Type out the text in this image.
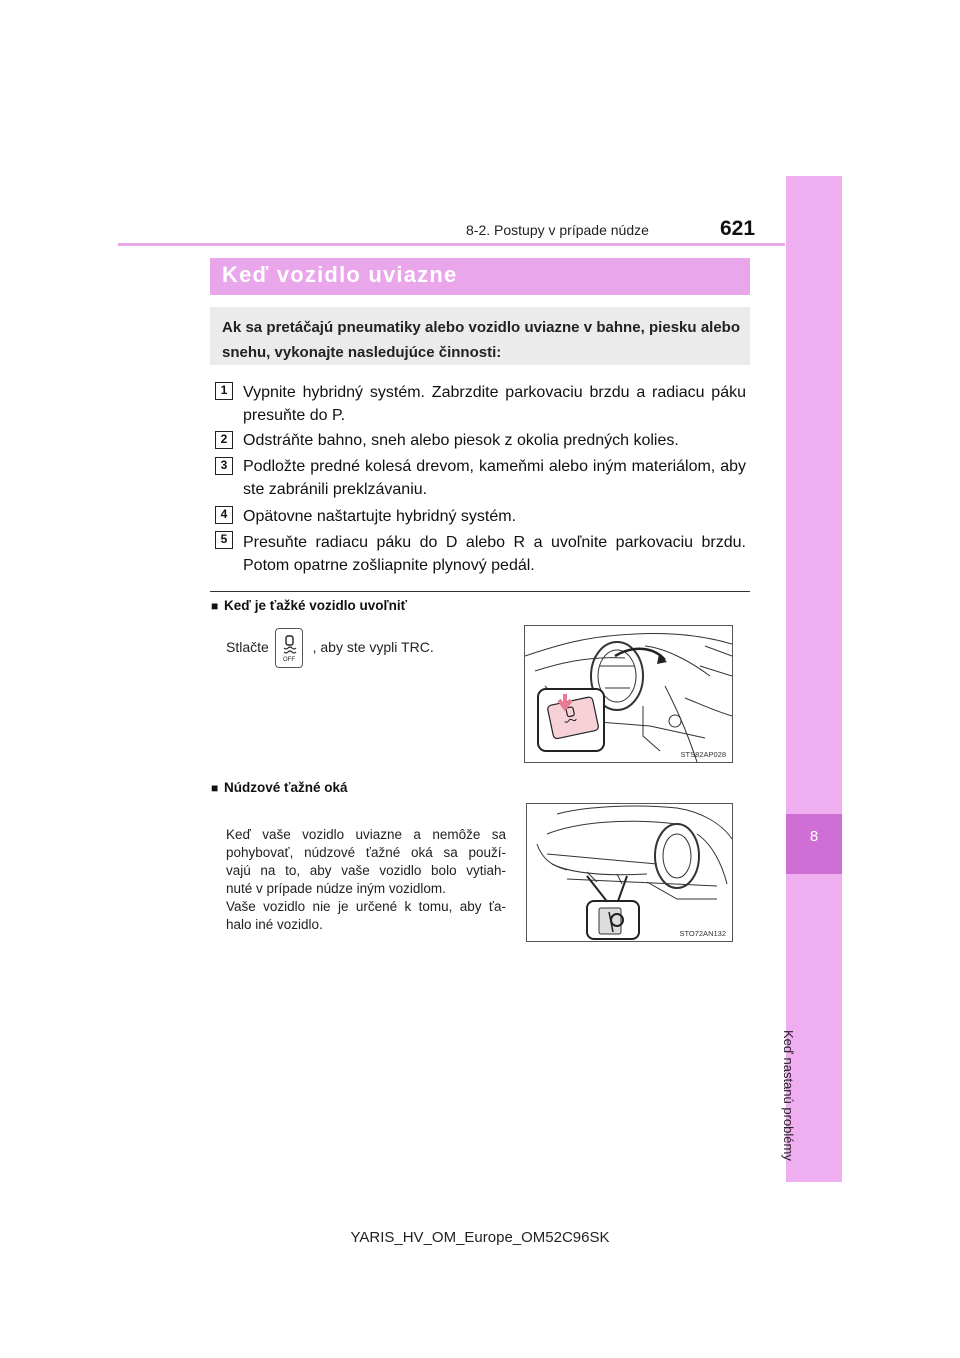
8-2. Postupy v prípade núdze	621
8
Keď nastanú problémy
Keď vozidlo uviazne
Ak sa pretáčajú pneumatiky alebo vozidlo uviazne v bahne, piesku alebo snehu, vykonajte nasledujúce činnosti:
1 Vypnite hybridný systém. Zabrzdite parkovaciu brzdu a radiacu páku presuňte do P.
2 Odstráňte bahno, sneh alebo piesok z okolia predných kolies.
3 Podložte predné kolesá drevom, kameňmi alebo iným materiálom, aby ste zabránili preklzávaniu.
4 Opätovne naštartujte hybridný systém.
5 Presuňte radiacu páku do D alebo R a uvoľnite parkovaciu brzdu. Potom opatrne zošliapnite plynový pedál.
■ Keď je ťažké vozidlo uvoľniť
Stlačte	, aby ste vypli TRC.
OFF
STS82AP028
■ Núdzové ťažné oká
Keď vaše vozidlo uviazne a nemôže sa
pohybovať, núdzové ťažné oká sa použí-
vajú na to, aby vaše vozidlo bolo vytiah-
nuté v prípade núdze iným vozidlom.
Vaše vozidlo nie je určené k tomu, aby ťa-
halo iné vozidlo.
STO72AN132
YARIS_HV_OM_Europe_OM52C96SK
